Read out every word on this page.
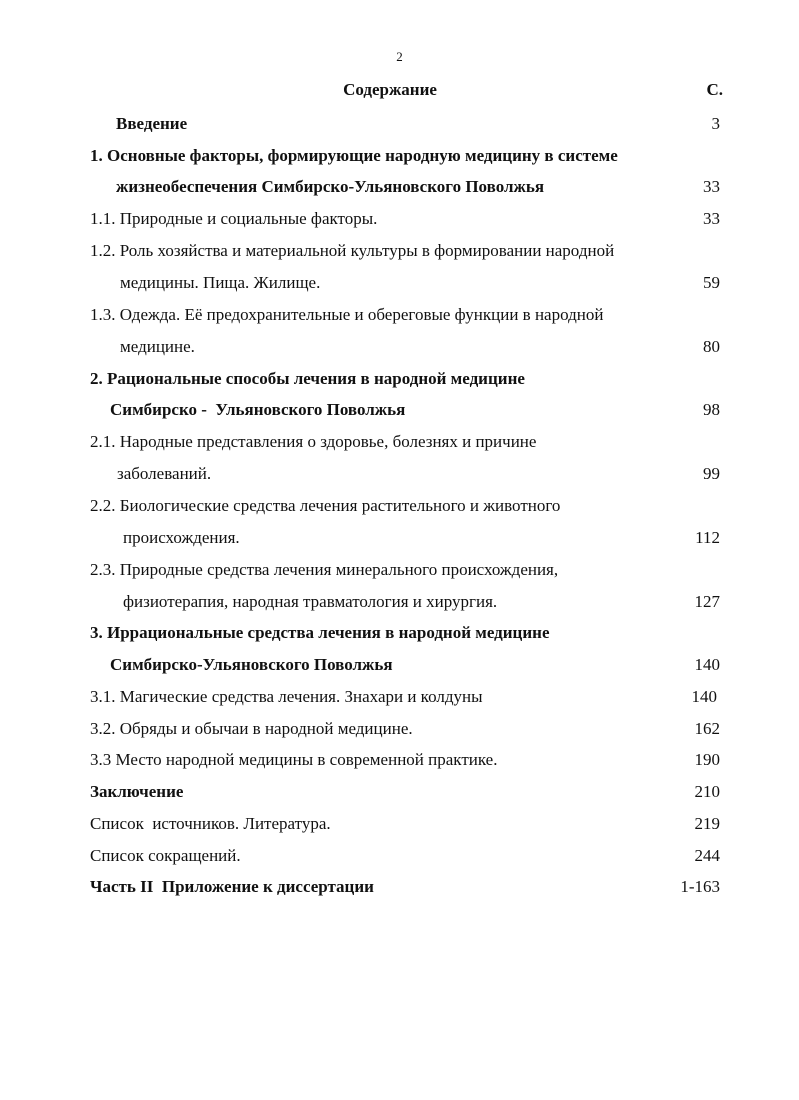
2
Содержание	С.
Введение	3
1. Основные факторы, формирующие народную медицину в системе
жизнеобеспечения Симбирско-Ульяновского Поволжья	33
1.1. Природные и социальные факторы.	33
1.2. Роль хозяйства и материальной культуры в формировании народной
медицины. Пища. Жилище.	59
1.3. Одежда. Её предохранительные и обереговые функции в народной
медицине.	80
2. Рациональные способы лечения в народной медицине
Симбирско -  Ульяновского Поволжья	98
2.1. Народные представления о здоровье, болезнях и причине
заболеваний.	99
2.2. Биологические средства лечения растительного и животного
происхождения.	112
2.3. Природные средства лечения минерального происхождения,
физиотерапия, народная травматология и хирургия.	127
3. Иррациональные средства лечения в народной медицине
Симбирско-Ульяновского Поволжья	140
3.1. Магические средства лечения. Знахари и колдуны	140
3.2. Обряды и обычаи в народной медицине.	162
3.3 Место народной медицины в современной практике.	190
Заключение	210
Список  источников. Литература.	219
Список сокращений.	244
Часть II  Приложение к диссертации	1-163
